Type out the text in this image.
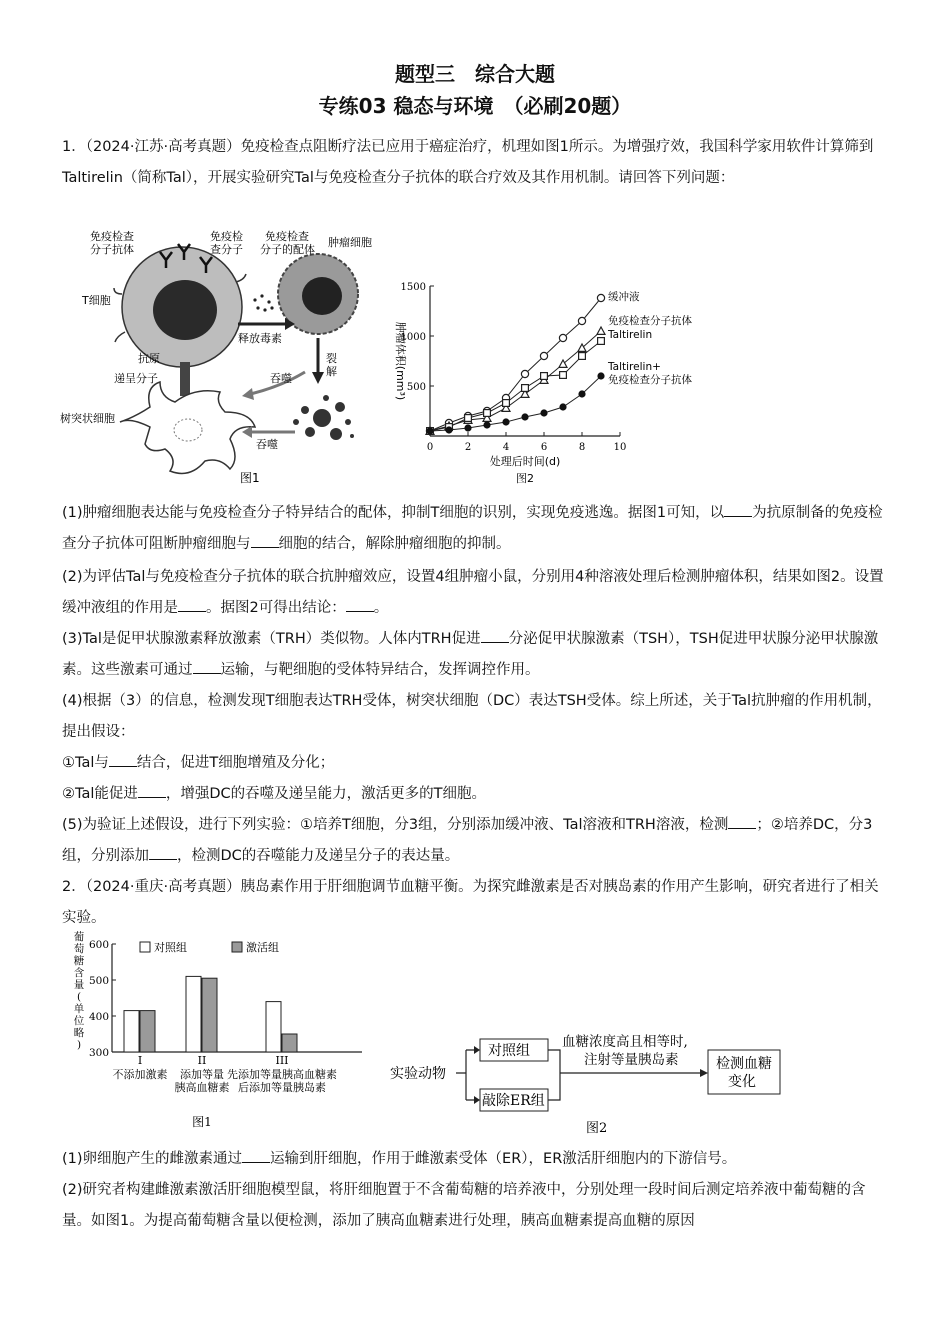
题型三　综合大题
专练03 稳态与环境　（必刷20题）
1．（2024·江苏·高考真题）免疫检查点阻断疗法已应用于癌症治疗，机理如图1所示。为增强疗效，我国科学家用软件计算筛到Taltirelin（简称Tal），开展实验研究Tal与免疫检查分子抗体的联合疗效及其作用机制。请回答下列问题：
免疫检查
分子抗体
免疫检
查分子
免疫检查
分子的配体
肿瘤细胞
T细胞
释放毒素
裂
解
抗原
递呈分子	吞噬
树突状细胞
吞噬
图1
0	2	4	6	8	10
500
1000
1500
处理后时间(d)
肿瘤体积(mm³)
图2
缓冲液
免疫检查分子抗体
Taltirelin
Taltirelin+
免疫检查分子抗体
(1)肿瘤细胞表达能与免疫检查分子特异结合的配体，抑制T细胞的识别，实现免疫逃逸。据图1可知，以 为抗原制备的免疫检查分子抗体可阻断肿瘤细胞与 细胞的结合，解除肿瘤细胞的抑制。
(2)为评估Tal与免疫检查分子抗体的联合抗肿瘤效应，设置4组肿瘤小鼠，分别用4种溶液处理后检测肿瘤体积，结果如图2。设置缓冲液组的作用是 。据图2可得出结论： 。
(3)Tal是促甲状腺激素释放激素（TRH）类似物。人体内TRH促进 分泌促甲状腺激素（TSH），TSH促进甲状腺分泌甲状腺激素。这些激素可通过 运输，与靶细胞的受体特异结合，发挥调控作用。
(4)根据（3）的信息，检测发现T细胞表达TRH受体，树突状细胞（DC）表达TSH受体。综上所述，关于Tal抗肿瘤的作用机制，提出假设：
①Tal与 结合，促进T细胞增殖及分化；
②Tal能促进 ，增强DC的吞噬及递呈能力，激活更多的T细胞。
(5)为验证上述假设，进行下列实验：①培养T细胞，分3组，分别添加缓冲液、Tal溶液和TRH溶液，检测 ；②培养DC，分3组，分别添加 ，检测DC的吞噬能力及递呈分子的表达量。
2．（2024·重庆·高考真题）胰岛素作用于肝细胞调节血糖平衡。为探究雌激素是否对胰岛素的作用产生影响，研究者进行了相关实验。
300
400
500
600
葡
萄
糖
含
量
(
单
位
略
)
I
不添加激素
II
添加等量
胰高血糖素
III
先添加等量胰高血糖素
后添加等量胰岛素
对照组	激活组
图1
实验动物
对照组
敲除ER组
血糖浓度高且相等时,
注射等量胰岛素	检测血糖
变化
图2
(1)卵细胞产生的雌激素通过 运输到肝细胞，作用于雌激素受体（ER），ER激活肝细胞内的下游信号。
(2)研究者构建雌激素激活肝细胞模型鼠，将肝细胞置于不含葡萄糖的培养液中，分别处理一段时间后测定培养液中葡萄糖的含量。如图1。为提高葡萄糖含量以便检测，添加了胰高血糖素进行处理，胰高血糖素提高血糖的原因
